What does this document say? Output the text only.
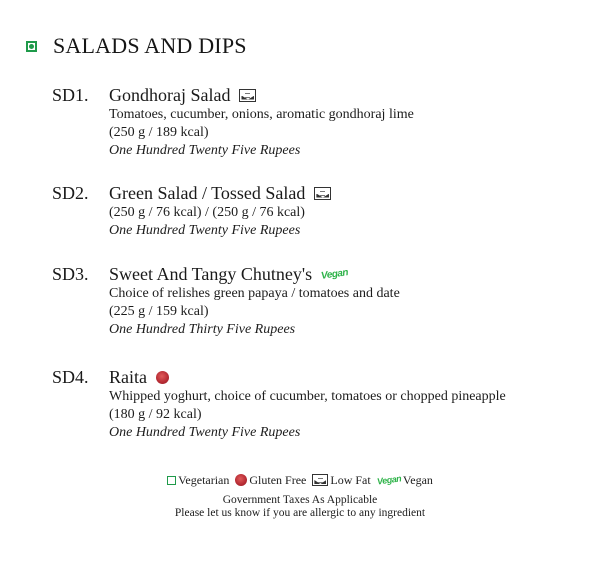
SALADS AND DIPS
SD1.	Gondhoraj Salad
Tomatoes, cucumber, onions, aromatic gondhoraj lime
(250 g / 189 kcal)
One Hundred Twenty Five Rupees
SD2.	Green Salad / Tossed Salad
(250 g / 76 kcal) / (250 g / 76 kcal)
One Hundred Twenty Five Rupees
SD3.	Sweet And Tangy Chutney's Vegan
Choice of relishes green papaya / tomatoes and date
(225 g / 159 kcal)
One Hundred Thirty Five Rupees
SD4.	Raita
Whipped yoghurt, choice of cucumber, tomatoes or chopped pineapple
(180 g / 92 kcal)
One Hundred Twenty Five Rupees
Vegetarian Gluten Free Low Fat Vegan Vegan
Government Taxes As Applicable
Please let us know if you are allergic to any ingredient
